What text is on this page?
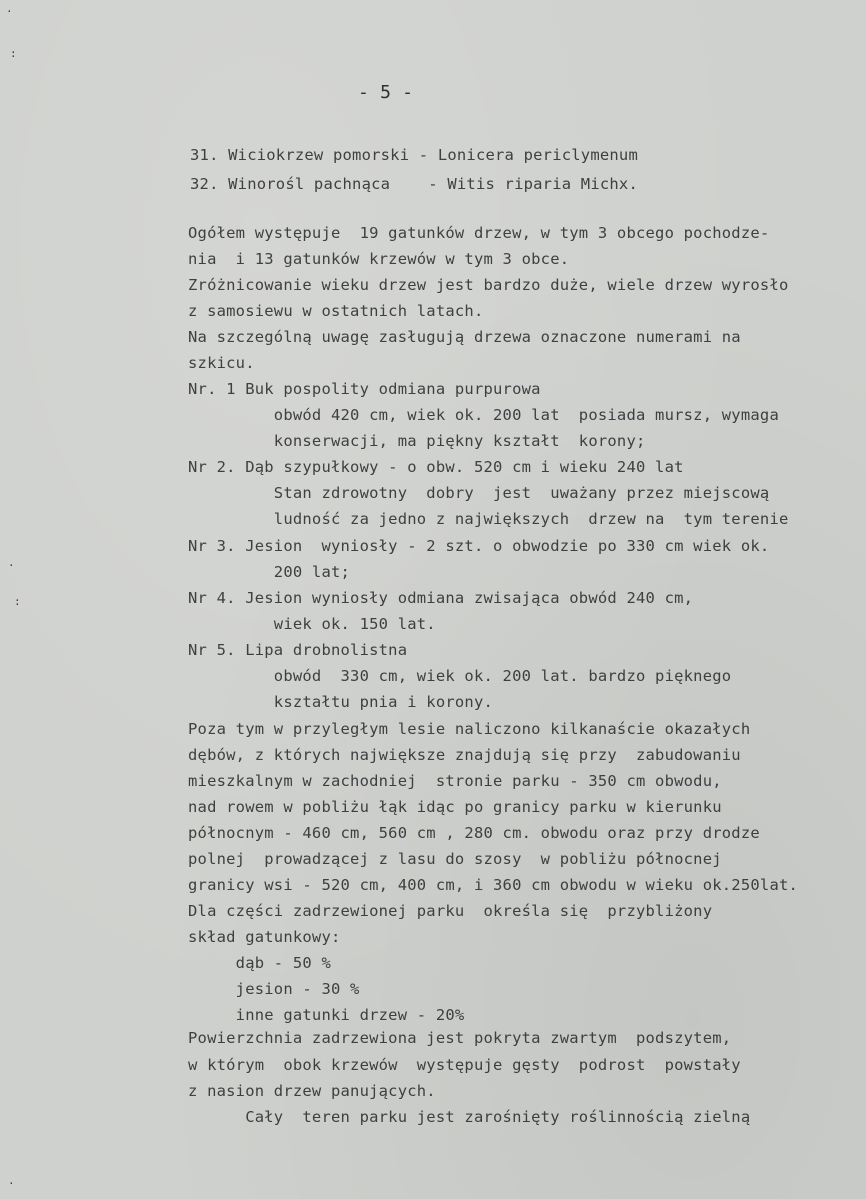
- 5 -
·
:
·
:
·
31. Wiciokrzew pomorski - Lonicera periclymenum
32. Winorośl pachnąca    - Witis riparia Michx.
Ogółem występuje  19 gatunków drzew, w tym 3 obcego pochodze-
nia  i 13 gatunków krzewów w tym 3 obce.
Zróżnicowanie wieku drzew jest bardzo duże, wiele drzew wyrosło
z samosiewu w ostatnich latach.
Na szczególną uwagę zasługują drzewa oznaczone numerami na
szkicu.
Nr. 1 Buk pospolity odmiana purpurowa
obwód 420 cm, wiek ok. 200 lat  posiada mursz, wymaga
konserwacji, ma piękny kształt  korony;
Nr 2. Dąb szypułkowy - o obw. 520 cm i wieku 240 lat
Stan zdrowotny  dobry  jest  uważany przez miejscową
ludność za jedno z największych  drzew na  tym terenie
Nr 3. Jesion  wyniosły - 2 szt. o obwodzie po 330 cm wiek ok.
200 lat;
Nr 4. Jesion wyniosły odmiana zwisająca obwód 240 cm,
wiek ok. 150 lat.
Nr 5. Lipa drobnolistna
obwód  330 cm, wiek ok. 200 lat. bardzo pięknego
kształtu pnia i korony.
Poza tym w przyległym lesie naliczono kilkanaście okazałych
dębów, z których największe znajdują się przy  zabudowaniu
mieszkalnym w zachodniej  stronie parku - 350 cm obwodu,
nad rowem w pobliżu łąk idąc po granicy parku w kierunku
północnym - 460 cm, 560 cm , 280 cm. obwodu oraz przy drodze
polnej  prowadzącej z lasu do szosy  w pobliżu północnej
granicy wsi - 520 cm, 400 cm, i 360 cm obwodu w wieku ok.250lat.
Dla części zadrzewionej parku  określa się  przybliżony
skład gatunkowy:
dąb - 50 %
jesion - 30 %
inne gatunki drzew - 20%
Powierzchnia zadrzewiona jest pokryta zwartym  podszytem,
w którym  obok krzewów  występuje gęsty  podrost  powstały
z nasion drzew panujących.
Cały  teren parku jest zarośnięty roślinnością zielną
